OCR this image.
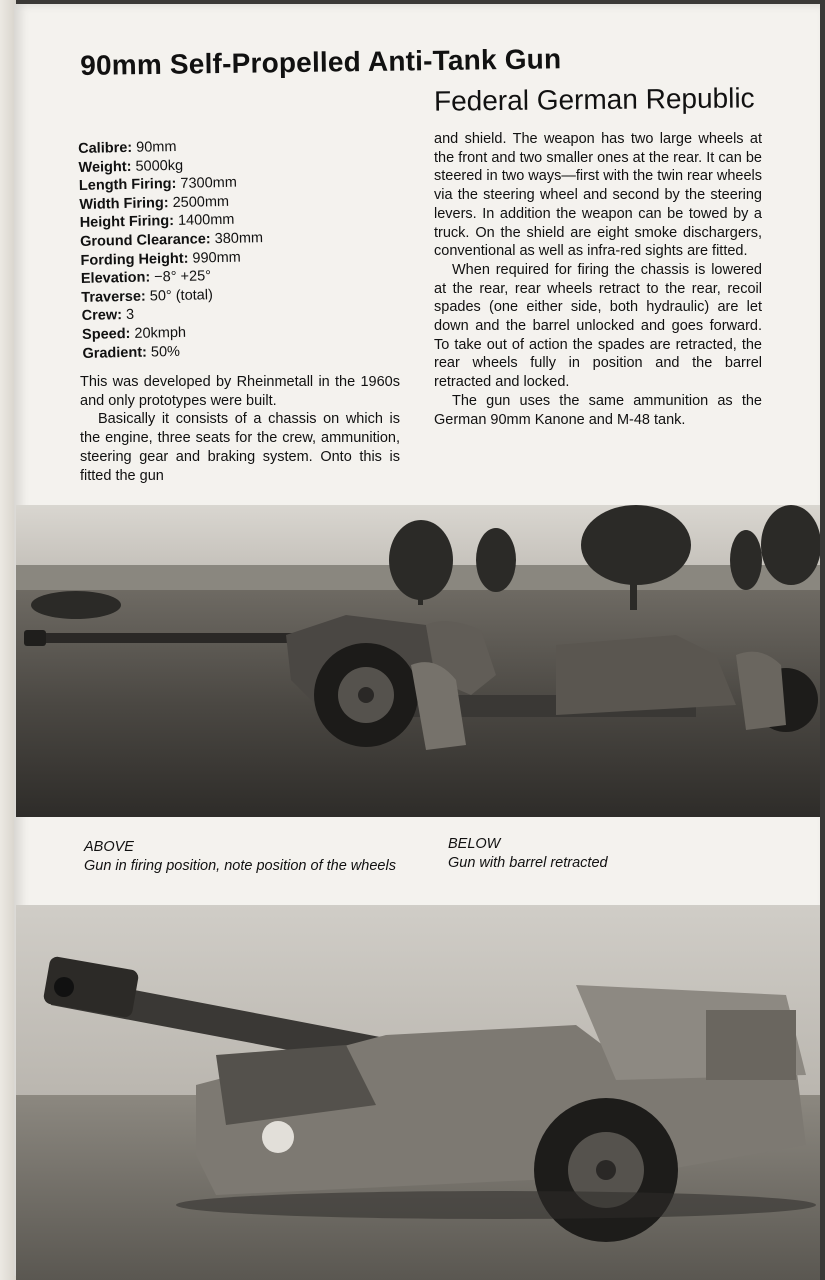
90mm Self-Propelled Anti-Tank Gun
Federal German Republic
Calibre: 90mm
Weight: 5000kg
Length Firing: 7300mm
Width Firing: 2500mm
Height Firing: 1400mm
Ground Clearance: 380mm
Fording Height: 990mm
Elevation: −8° +25°
Traverse: 50° (total)
Crew: 3
Speed: 20kmph
Gradient: 50%

This was developed by Rheinmetall in the 1960s and only prototypes were built.

Basically it consists of a chassis on which is the engine, three seats for the crew, ammunition, steering gear and braking system. Onto this is fitted the gun

and shield. The weapon has two large wheels at the front and two smaller ones at the rear. It can be steered in two ways—first with the twin rear wheels via the steering wheel and second by the steering levers. In addition the weapon can be towed by a truck. On the shield are eight smoke dischargers, conventional as well as infra-red sights are fitted.

When required for firing the chassis is lowered at the rear, rear wheels retract to the rear, recoil spades (one either side, both hydraulic) are let down and the barrel unlocked and goes forward. To take out of action the spades are retracted, the rear wheels fully in position and the barrel retracted and locked.

The gun uses the same ammunition as the German 90mm Kanone and M-48 tank.

ABOVE
Gun in firing position, note position of the wheels
BELOW
Gun with barrel retracted
